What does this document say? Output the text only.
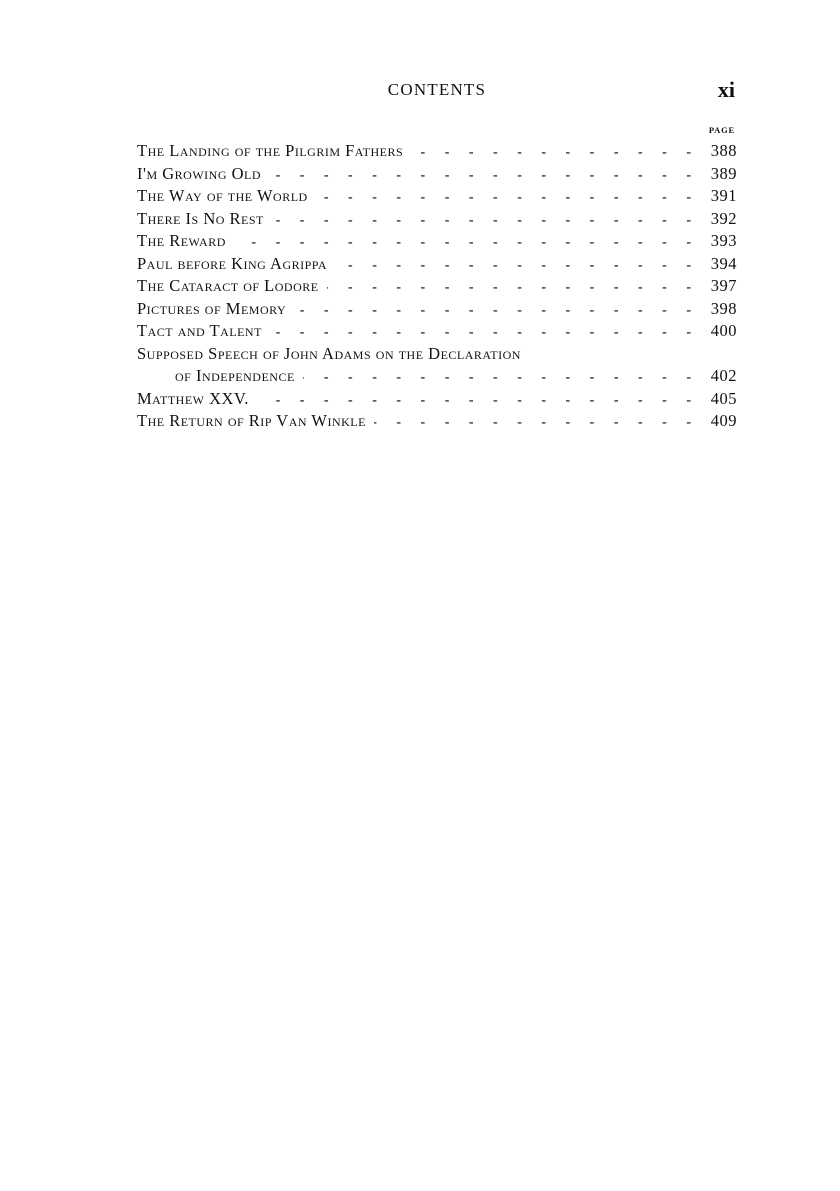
CONTENTS	xi
PAGE
The Landing of the Pilgrim Fathers - - -	388
I'm Growing Old - - -	389
The Way of the World - - -	391
There Is No Rest - - -	392
The Reward - - -	393
Paul before King Agrippa - - -	394
The Cataract of Lodore - - -	397
Pictures of Memory - - -	398
Tact and Talent - - -	400
Supposed Speech of John Adams on the Declaration
of Independence - - -	402
Matthew XXV. - - -	405
The Return of Rip Van Winkle - - -	409
